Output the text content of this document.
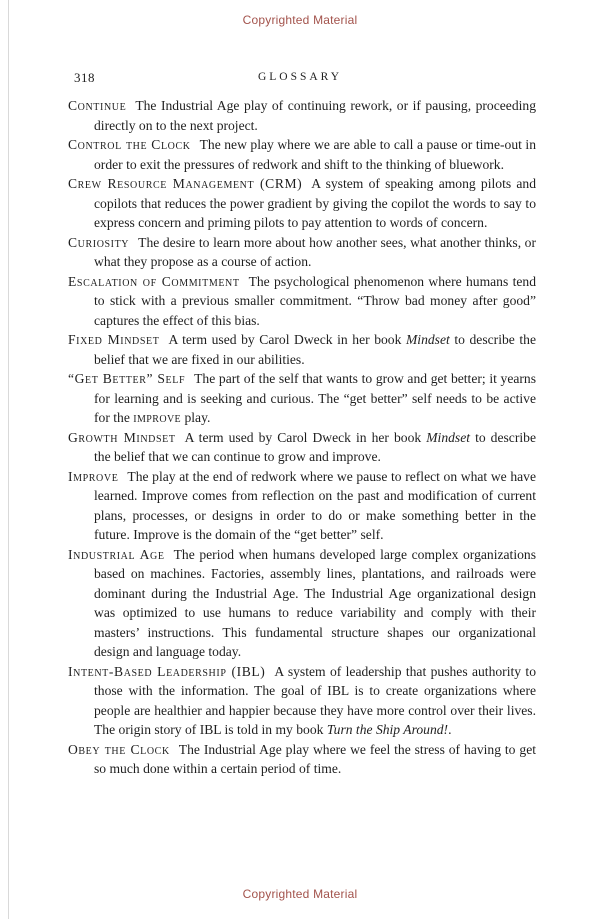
Copyrighted Material
318	GLOSSARY

Continue The Industrial Age play of continuing rework, or if pausing, proceeding directly on to the next project.

Control the Clock The new play where we are able to call a pause or time-out in order to exit the pressures of redwork and shift to the thinking of bluework.

Crew Resource Management (CRM) A system of speaking among pilots and copilots that reduces the power gradient by giving the copilot the words to say to express concern and priming pilots to pay attention to words of concern.

Curiosity The desire to learn more about how another sees, what another thinks, or what they propose as a course of action.

Escalation of Commitment The psychological phenomenon where humans tend to stick with a previous smaller commitment. “Throw bad money after good” captures the effect of this bias.

Fixed Mindset A term used by Carol Dweck in her book Mindset to describe the belief that we are fixed in our abilities.

“Get Better” Self The part of the self that wants to grow and get better; it yearns for learning and is seeking and curious. The “get better” self needs to be active for the improve play.

Growth Mindset A term used by Carol Dweck in her book Mindset to describe the belief that we can continue to grow and improve.

Improve The play at the end of redwork where we pause to reflect on what we have learned. Improve comes from reflection on the past and modification of current plans, processes, or designs in order to do or make something better in the future. Improve is the domain of the “get better” self.

Industrial Age The period when humans developed large complex organizations based on machines. Factories, assembly lines, plantations, and railroads were dominant during the Industrial Age. The Industrial Age organizational design was optimized to use humans to reduce variability and comply with their masters’ instructions. This fundamental structure shapes our organizational design and language today.

Intent-Based Leadership (IBL) A system of leadership that pushes authority to those with the information. The goal of IBL is to create organizations where people are healthier and happier because they have more control over their lives. The origin story of IBL is told in my book Turn the Ship Around!.

Obey the Clock The Industrial Age play where we feel the stress of having to get so much done within a certain period of time.

Copyrighted Material
